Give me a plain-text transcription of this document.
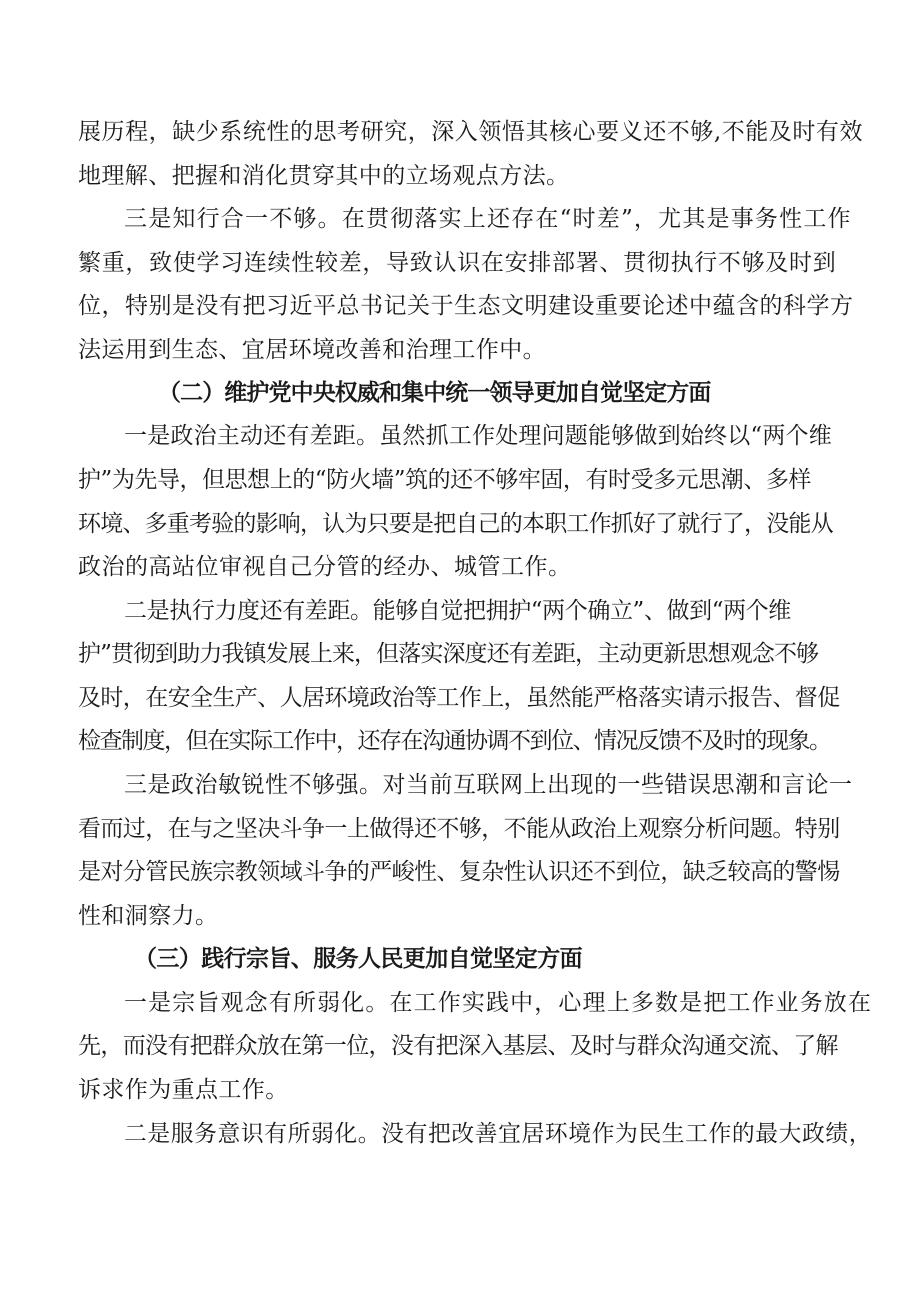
展历程，缺少系统性的思考研究，深入领悟其核心要义还不够,不能及时有效
地理解、把握和消化贯穿其中的立场观点方法。
三是知行合一不够。在贯彻落实上还存在“时差”，尤其是事务性工作
繁重，致使学习连续性较差，导致认识在安排部署、贯彻执行不够及时到
位，特别是没有把习近平总书记关于生态文明建设重要论述中蕴含的科学方
法运用到生态、宜居环境改善和治理工作中。
（二）维护党中央权威和集中统一领导更加自觉坚定方面
一是政治主动还有差距。虽然抓工作处理问题能够做到始终以“两个维
护”为先导，但思想上的“防火墙”筑的还不够牢固，有时受多元思潮、多样
环境、多重考验的影响，认为只要是把自己的本职工作抓好了就行了，没能从
政治的高站位审视自己分管的经办、城管工作。
二是执行力度还有差距。能够自觉把拥护“两个确立”、做到“两个维
护”贯彻到助力我镇发展上来，但落实深度还有差距，主动更新思想观念不够
及时，在安全生产、人居环境政治等工作上，虽然能严格落实请示报告、督促
检查制度，但在实际工作中，还存在沟通协调不到位、情况反馈不及时的现象。
三是政治敏锐性不够强。对当前互联网上出现的一些错误思潮和言论一
看而过，在与之坚决斗争一上做得还不够，不能从政治上观察分析问题。特别
是对分管民族宗教领域斗争的严峻性、复杂性认识还不到位，缺乏较高的警惕
性和洞察力。
（三）践行宗旨、服务人民更加自觉坚定方面
一是宗旨观念有所弱化。在工作实践中，心理上多数是把工作业务放在
先，而没有把群众放在第一位，没有把深入基层、及时与群众沟通交流、了解
诉求作为重点工作。
二是服务意识有所弱化。没有把改善宜居环境作为民生工作的最大政绩，
